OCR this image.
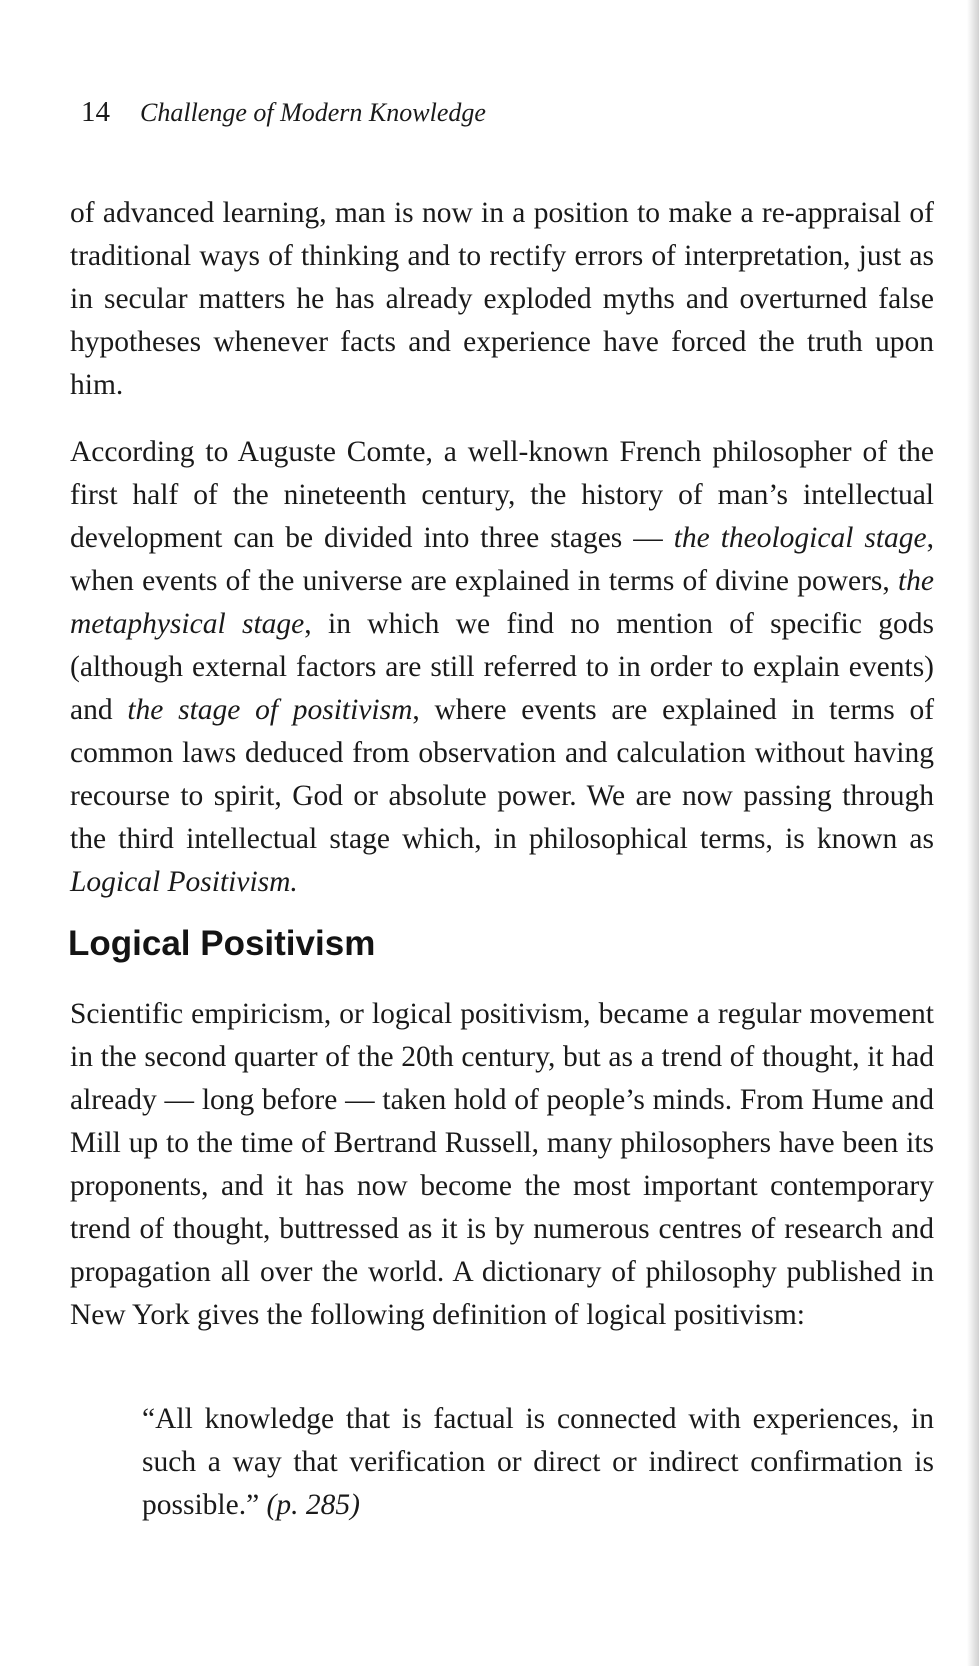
14 Challenge of Modern Knowledge

of advanced learning, man is now in a position to make a re-appraisal of traditional ways of thinking and to rectify errors of interpretation, just as in secular matters he has already exploded myths and overturned false hypotheses whenever facts and experience have forced the truth upon him.

According to Auguste Comte, a well-known French philosopher of the first half of the nineteenth century, the history of man’s intellectual development can be divided into three stages — the theological stage, when events of the universe are explained in terms of divine powers, the metaphysical stage, in which we find no mention of specific gods (although external factors are still referred to in order to explain events) and the stage of positivism, where events are explained in terms of common laws deduced from observation and calculation without having recourse to spirit, God or absolute power. We are now passing through the third intellectual stage which, in philosophical terms, is known as Logical Positivism.

Logical Positivism

Scientific empiricism, or logical positivism, became a regular movement in the second quarter of the 20th century, but as a trend of thought, it had already — long before — taken hold of people’s minds. From Hume and Mill up to the time of Bertrand Russell, many philosophers have been its proponents, and it has now become the most important contemporary trend of thought, buttressed as it is by numerous centres of research and propagation all over the world. A dictionary of philosophy published in New York gives the following definition of logical positivism:

“All knowledge that is factual is connected with experiences, in such a way that verification or direct or indirect confirmation is possible.” (p. 285)
